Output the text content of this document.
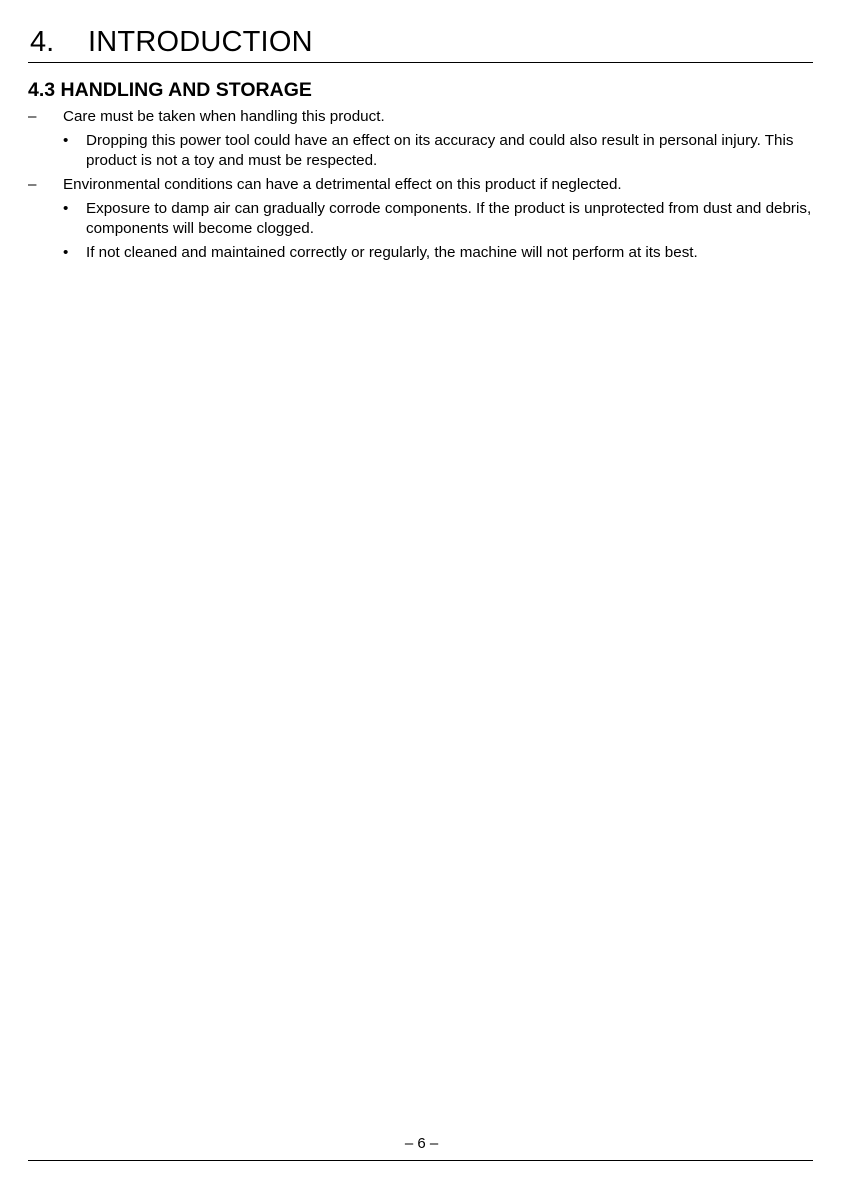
4. INTRODUCTION
4.3 HANDLING AND STORAGE
– Care must be taken when handling this product.
• Dropping this power tool could have an effect on its accuracy and could also result in personal injury. This product is not a toy and must be respected.
– Environmental conditions can have a detrimental effect on this product if neglected.
• Exposure to damp air can gradually corrode components. If the product is unprotected from dust and debris, components will become clogged.
• If not cleaned and maintained correctly or regularly, the machine will not perform at its best.
– 6 –
